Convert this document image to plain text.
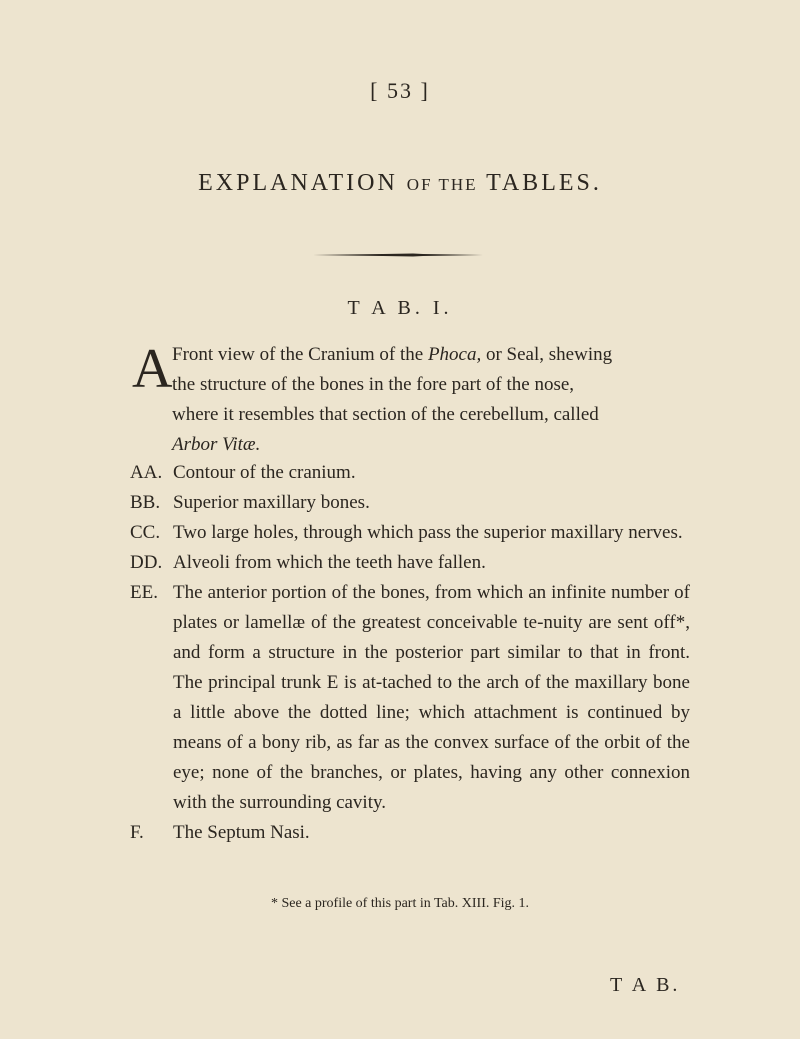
[ 53 ]
EXPLANATION OF THE TABLES.
T A B. I.
A Front view of the Cranium of the Phoca, or Seal, shewing
the structure of the bones in the fore part of the nose,
where it resembles that section of the cerebellum, called
Arbor Vitæ.
AA. Contour of the cranium.
BB. Superior maxillary bones.
CC. Two large holes, through which pass the superior maxillary nerves.
DD. Alveoli from which the teeth have fallen.
EE. The anterior portion of the bones, from which an infinite number of plates or lamellæ of the greatest conceivable te-nuity are sent off*, and form a structure in the posterior part similar to that in front. The principal trunk E is at-tached to the arch of the maxillary bone a little above the dotted line; which attachment is continued by means of a bony rib, as far as the convex surface of the orbit of the eye; none of the branches, or plates, having any other connexion with the surrounding cavity.
F. The Septum Nasi.
* See a profile of this part in Tab. XIII. Fig. 1.
T A B.
